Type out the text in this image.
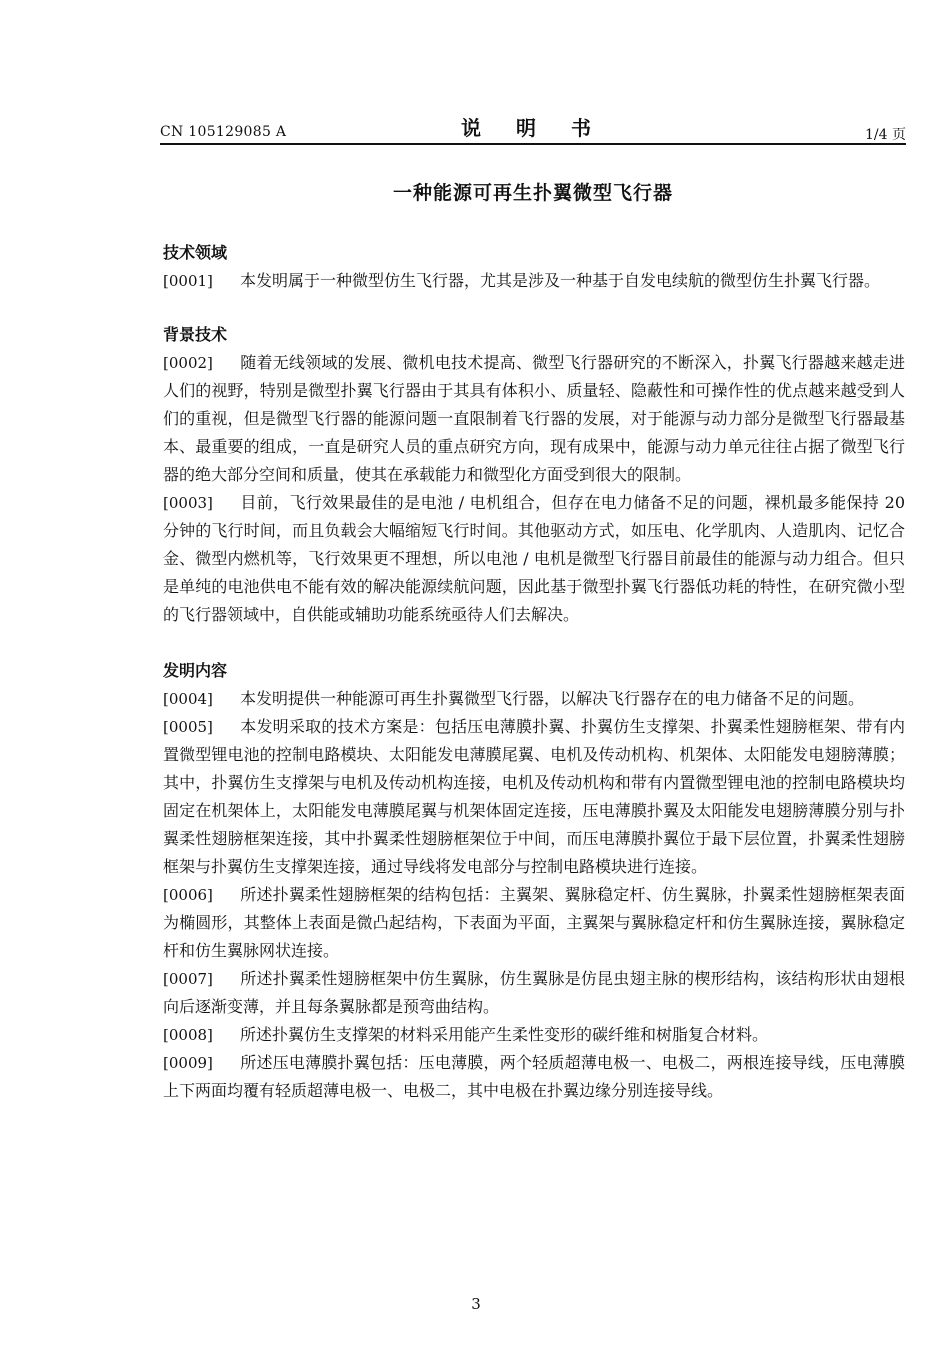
CN 105129085 A	说 明 书	1/4 页
一种能源可再生扑翼微型飞行器

技术领域

[0001] 本发明属于一种微型仿生飞行器，尤其是涉及一种基于自发电续航的微型仿生扑翼飞行器。

背景技术

[0002] 随着无线领域的发展、微机电技术提高、微型飞行器研究的不断深入，扑翼飞行器越来越走进人们的视野，特别是微型扑翼飞行器由于其具有体积小、质量轻、隐蔽性和可操作性的优点越来越受到人们的重视，但是微型飞行器的能源问题一直限制着飞行器的发展，对于能源与动力部分是微型飞行器最基本、最重要的组成，一直是研究人员的重点研究方向，现有成果中，能源与动力单元往往占据了微型飞行器的绝大部分空间和质量，使其在承载能力和微型化方面受到很大的限制。

[0003] 目前，飞行效果最佳的是电池 / 电机组合，但存在电力储备不足的问题，裸机最多能保持 20 分钟的飞行时间，而且负载会大幅缩短飞行时间。其他驱动方式，如压电、化学肌肉、人造肌肉、记忆合金、微型内燃机等，飞行效果更不理想，所以电池 / 电机是微型飞行器目前最佳的能源与动力组合。但只是单纯的电池供电不能有效的解决能源续航问题，因此基于微型扑翼飞行器低功耗的特性，在研究微小型的飞行器领域中，自供能或辅助功能系统亟待人们去解决。

发明内容

[0004] 本发明提供一种能源可再生扑翼微型飞行器，以解决飞行器存在的电力储备不足的问题。

[0005] 本发明采取的技术方案是：包括压电薄膜扑翼、扑翼仿生支撑架、扑翼柔性翅膀框架、带有内置微型锂电池的控制电路模块、太阳能发电薄膜尾翼、电机及传动机构、机架体、太阳能发电翅膀薄膜；其中，扑翼仿生支撑架与电机及传动机构连接，电机及传动机构和带有内置微型锂电池的控制电路模块均固定在机架体上，太阳能发电薄膜尾翼与机架体固定连接，压电薄膜扑翼及太阳能发电翅膀薄膜分别与扑翼柔性翅膀框架连接，其中扑翼柔性翅膀框架位于中间，而压电薄膜扑翼位于最下层位置，扑翼柔性翅膀框架与扑翼仿生支撑架连接，通过导线将发电部分与控制电路模块进行连接。

[0006] 所述扑翼柔性翅膀框架的结构包括：主翼架、翼脉稳定杆、仿生翼脉，扑翼柔性翅膀框架表面为椭圆形，其整体上表面是微凸起结构，下表面为平面，主翼架与翼脉稳定杆和仿生翼脉连接，翼脉稳定杆和仿生翼脉网状连接。

[0007] 所述扑翼柔性翅膀框架中仿生翼脉，仿生翼脉是仿昆虫翅主脉的楔形结构，该结构形状由翅根向后逐渐变薄，并且每条翼脉都是预弯曲结构。

[0008] 所述扑翼仿生支撑架的材料采用能产生柔性变形的碳纤维和树脂复合材料。

[0009] 所述压电薄膜扑翼包括：压电薄膜，两个轻质超薄电极一、电极二，两根连接导线，压电薄膜上下两面均覆有轻质超薄电极一、电极二，其中电极在扑翼边缘分别连接导线。

3
